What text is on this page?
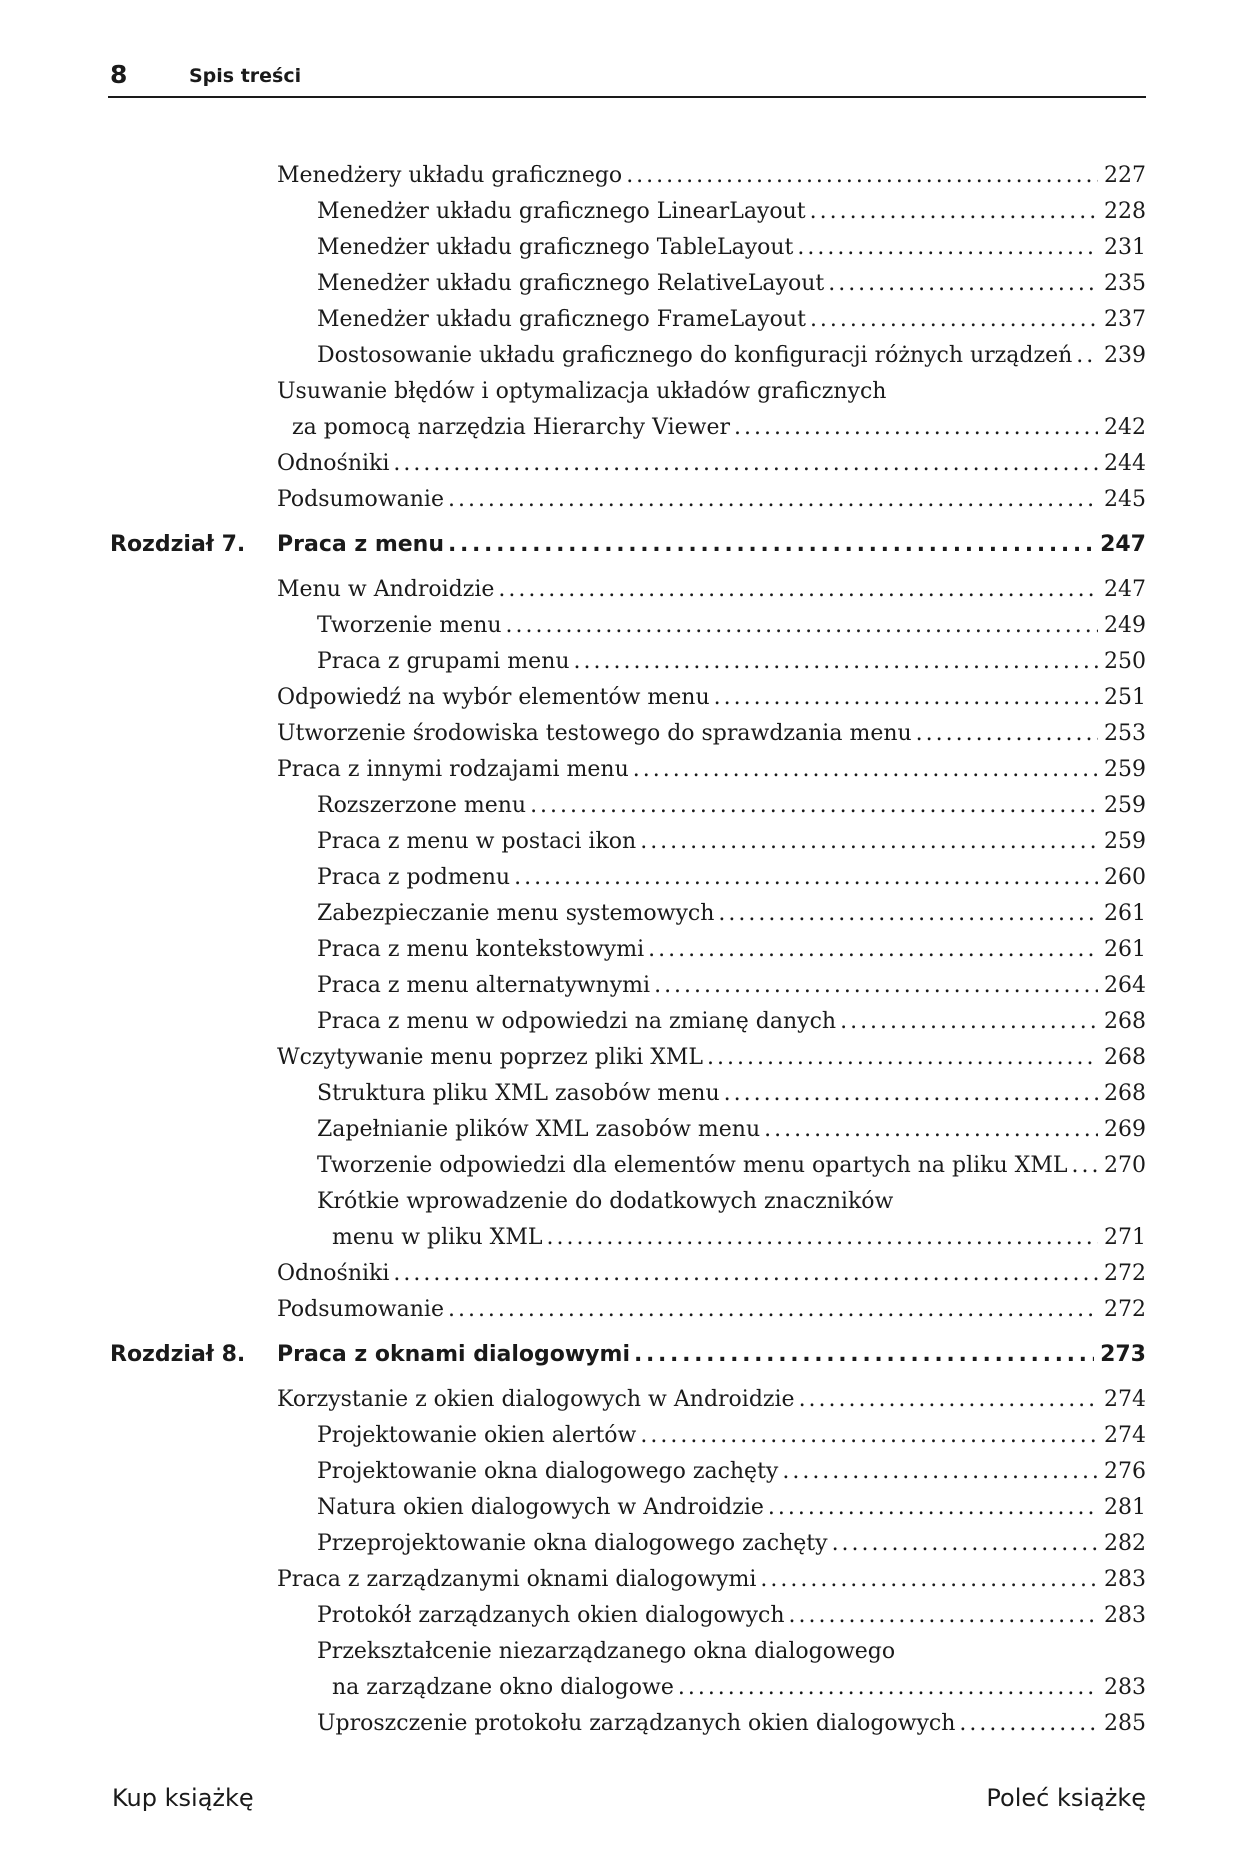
8	Spis treści
Menedżery układu graficznego . . .	227
Menedżer układu graficznego LinearLayout . . .	228
Menedżer układu graficznego TableLayout . . .	231
Menedżer układu graficznego RelativeLayout . . .	235
Menedżer układu graficznego FrameLayout . . .	237
Dostosowanie układu graficznego do konfiguracji różnych urządzeń . . . 239
Usuwanie błędów i optymalizacja układów graficznych
za pomocą narzędzia Hierarchy Viewer . . .	242
Odnośniki . . .	244
Podsumowanie . . .	245
Rozdział 7. Praca z menu . . .	247
Menu w Androidzie . . .	247
Tworzenie menu . . .	249
Praca z grupami menu . . .	250
Odpowiedź na wybór elementów menu . . .	251
Utworzenie środowiska testowego do sprawdzania menu . . .	253
Praca z innymi rodzajami menu . . .	259
Rozszerzone menu . . .	259
Praca z menu w postaci ikon . . .	259
Praca z podmenu . . .	260
Zabezpieczanie menu systemowych . . .	261
Praca z menu kontekstowymi . . .	261
Praca z menu alternatywnymi . . .	264
Praca z menu w odpowiedzi na zmianę danych . . .	268
Wczytywanie menu poprzez pliki XML . . .	268
Struktura pliku XML zasobów menu . . .	268
Zapełnianie plików XML zasobów menu . . .	269
Tworzenie odpowiedzi dla elementów menu opartych na pliku XML . . . 270
Krótkie wprowadzenie do dodatkowych znaczników
menu w pliku XML . . .	271
Odnośniki . . .	272
Podsumowanie . . .	272
Rozdział 8. Praca z oknami dialogowymi . . .	273
Korzystanie z okien dialogowych w Androidzie . . .	274
Projektowanie okien alertów . . .	274
Projektowanie okna dialogowego zachęty . . .	276
Natura okien dialogowych w Androidzie . . .	281
Przeprojektowanie okna dialogowego zachęty . . .	282
Praca z zarządzanymi oknami dialogowymi . . .	283
Protokół zarządzanych okien dialogowych . . .	283
Przekształcenie niezarządzanego okna dialogowego
na zarządzane okno dialogowe . . .	283
Uproszczenie protokołu zarządzanych okien dialogowych . . .	285
Kup książkę	Poleć książkę
